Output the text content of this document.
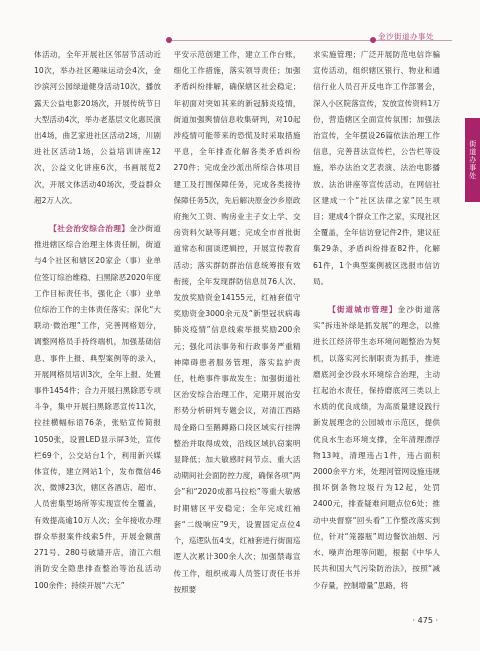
金沙街道办事处
街道办事处

体活动，全年开展社区邻居节活动近10次，举办社区趣味运动会4次，金沙滨河公园绿道健身活动10次，播放露天公益电影20场次，开展传统节日大型活动4次，举办老基层文化惠民演出4场，曲艺家进社区活动2场，川剧进社区活动1场，公益培训讲座12次，公益文化讲座6次，书画展览2次，开展文体活动40场次，受益群众超2万人次。

【社会治安综合治理】金沙街道推进辖区综合治理主体责任制，街道与4个社区和辖区20家企（事）业单位签订综治维稳、扫黑除恶2020年度工作目标责任书，强化企（事）业单位综治工作的主体责任落实；深化“大联动·微治理”工作，完善网格划分，调整网格员手持终端机，加强基础信息、事件上报、典型案例等的录入，开展网格员培训3次，全年上报、处置事件1454件；合力开展扫黑除恶专项斗争，集中开展扫黑除恶宣传11次，拉挂横幅标语76条，张贴宣传简报1050张，设置LED显示屏3处，宣传栏69个，公交站台1个，利用新兴媒体宣传，建立网站1个，发布微信46次、微博23次，辖区各酒店、超市、人员密集型场所等实现宣传全覆盖，有效提高逾10万人次；全年接收办理群众举报案件线索5件，开展金额凿271号、280号破墙开店，清江六组消防安全隐患排查整治等治乱活动100余件；持续开展“六无”

平安示范创建工作，建立工作台账，细化工作措施，落实领导责任；加强矛盾纠纷排解，确保辖区社会稳定；年初面对突如其来的新冠肺炎疫情，街道加强舆情信息收集研判，对10起涉疫情可能带来的恐慌及时采取措施平息，全年排查化解各类矛盾纠纷270件；完成金沙派出所综合体项目建工及打围保障任务，完成各类接待保障任务5次，先后解决原金沙乡原政府拖欠工资、购房业主子女上学、交房资料欠缺等问题；完成全市首批街道常态和面谈逻辑控，开展宣传教育活动；落实群防群治信息统筹报有效衔接，全年发现群防信息员76人次、发放奖励资金14155元，红袖套值守奖励资金3000余元及“新型冠状病毒肺炎疫情”信息线索举报奖励200余元；强化司法事务和行政事务严重精神障碍患者服务管理，落实监护责任，杜绝事件事故发生；加强街道社区治安综合治理工作，定期开展治安形势分析研判专题会议，对清江西路局金路口至鹅蹲路口段区域实行挂牌整治并取得成效，沿线区域扒窃案明显降低；加大敏感时间节点、重大活动期间社会面防控力度，确保各项“两会”和“2020成都马拉松”等重大敏感时期辖区平安稳定；全年完成红袖套“二级响应”9天，设置固定点位4个，巡逻队伍4支，红袖套进行街面巡逻人次累计300余人次；加强禁毒宣传工作，组织戒毒人员签订责任书并按照要

求实施管理；广泛开展防范电信诈骗宣传活动，组织辖区银行、物业和通信行业人员召开反电诈工作部署会，深入小区院落宣传，发放宣传资料1万份，营造辖区全面宣传氛围；加强法治宣传，全年摆设26篇依法治理工作信息，完善普法宣传栏，公告栏等设施，举办法治文艺表演、法治电影播放、法治讲座等宣传活动，在网信社区建成一个“社区法律之家”民生项目；建成4个群众工作之家，实现社区全覆盖，全年信访登记件2件，建议征集29条，矛盾纠纷排查82件，化解61件，1个典型案例被区选报市信访局。

【街道城市管理】金沙街道落实“拆违补绿是抓发展”的理念，以推进长江经济带生态环境问题整治为契机，以落实河长制职责为抓手，推进磨底河金沙段水环境综合治理，主动扛起治水责任，保持磨底河三类以上水质的优良成绩，为高质量建设践行新发展理念的公园城市示范区，提供优良水生态环境支撑，全年清理漂浮物13吨，清理违占1件，违占面积2000余平方米，处理河管网设施违规损坏倒条物垃圾行为12起，处罚2400元，排查疑难问题点位6处；推动中央督察“回头看”工作整改落实到位，针对“笼器瓶”周边餐饮油烟、污水、噪声治理等问题，根据《中华人民共和国大气污染防治法》，按照“减少存量，控制增量”思路，将

· 475 ·
